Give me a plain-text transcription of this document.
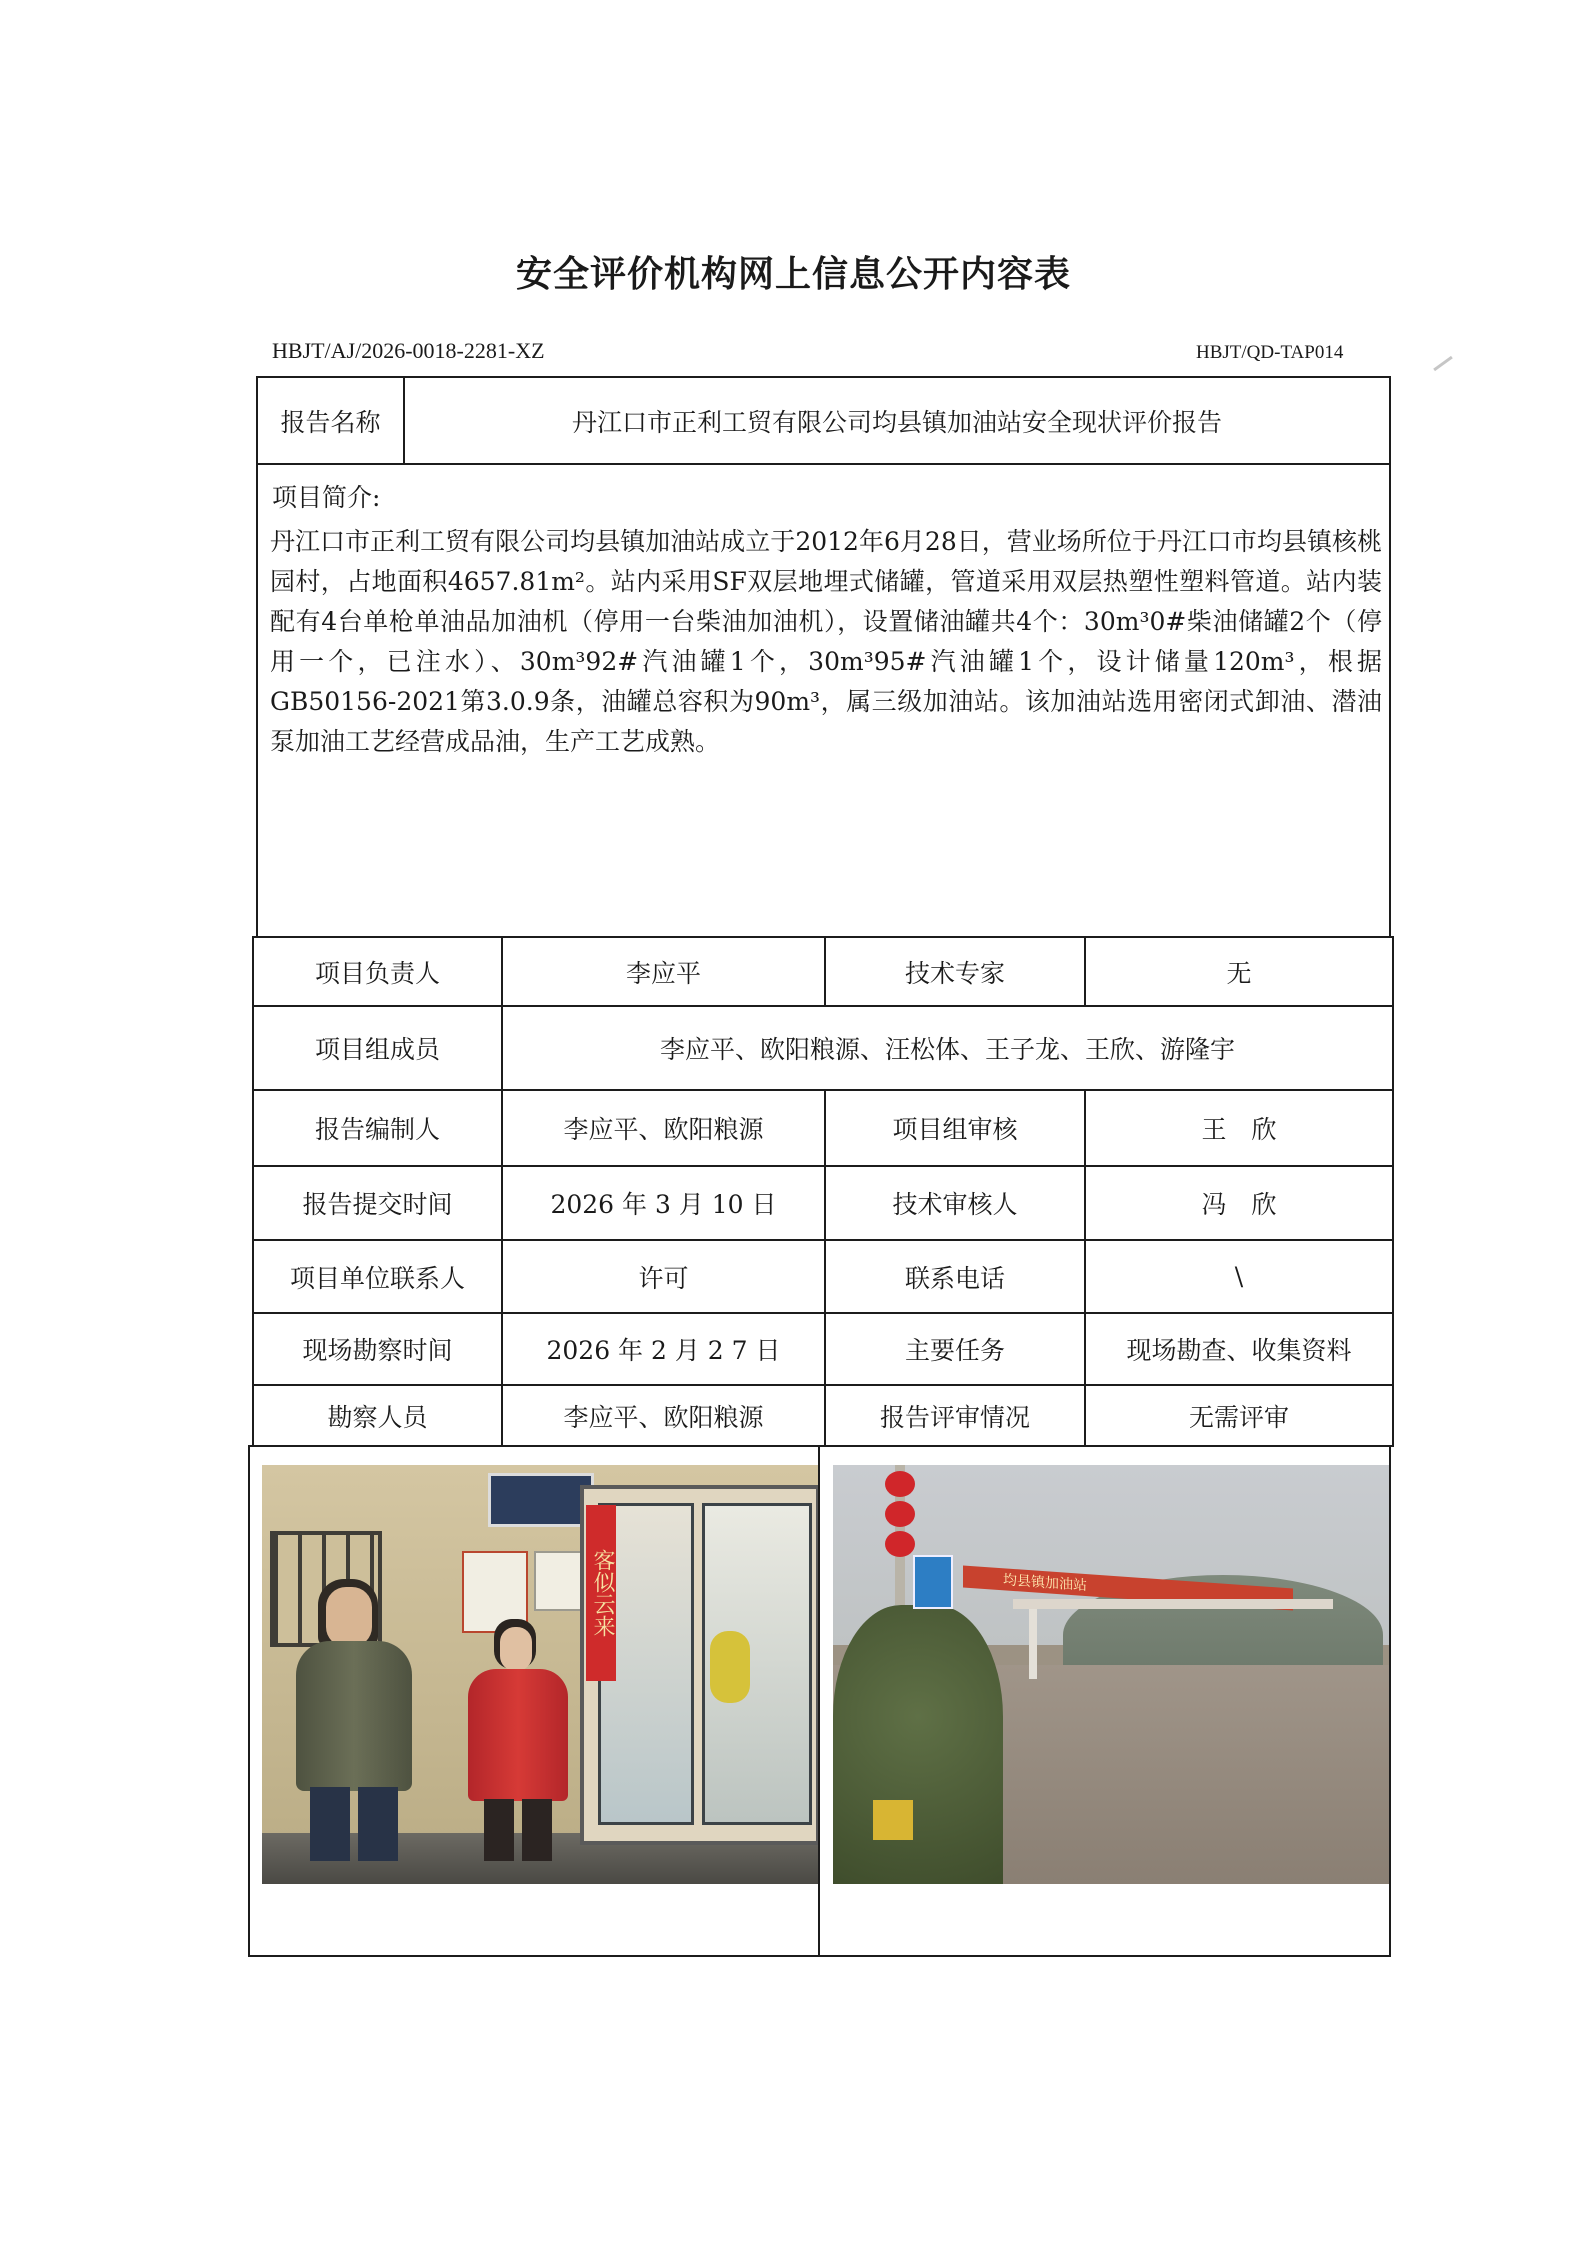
安全评价机构网上信息公开内容表
HBJT/AJ/2026-0018-2281-XZ	HBJT/QD-TAP014
报告名称	丹江口市正利工贸有限公司均县镇加油站安全现状评价报告
项目简介:
丹江口市正利工贸有限公司均县镇加油站成立于2012年6月28日，营业场所位于丹江口市均县镇核桃园村，占地面积4657.81m²。站内采用SF双层地埋式储罐，管道采用双层热塑性塑料管道。站内装配有4台单枪单油品加油机（停用一台柴油加油机），设置储油罐共4个：30m³0#柴油储罐2个（停用一个，已注水）、30m³92#汽油罐1个，30m³95#汽油罐1个，设计储量120m³，根据GB50156-2021第3.0.9条，油罐总容积为90m³，属三级加油站。该加油站选用密闭式卸油、潜油泵加油工艺经营成品油，生产工艺成熟。
项目负责人	李应平	技术专家	无
项目组成员	李应平、欧阳粮源、汪松体、王子龙、王欣、游隆宇
报告编制人	李应平、欧阳粮源	项目组审核	王　欣
报告提交时间	2026 年 3 月 10 日	技术审核人	冯　欣
项目单位联系人	许可	联系电话	\
现场勘察时间	2026 年 2 月 2 7 日	主要任务	现场勘查、收集资料
勘察人员	李应平、欧阳粮源	报告评审情况	无需评审
客似云来	均县镇加油站
